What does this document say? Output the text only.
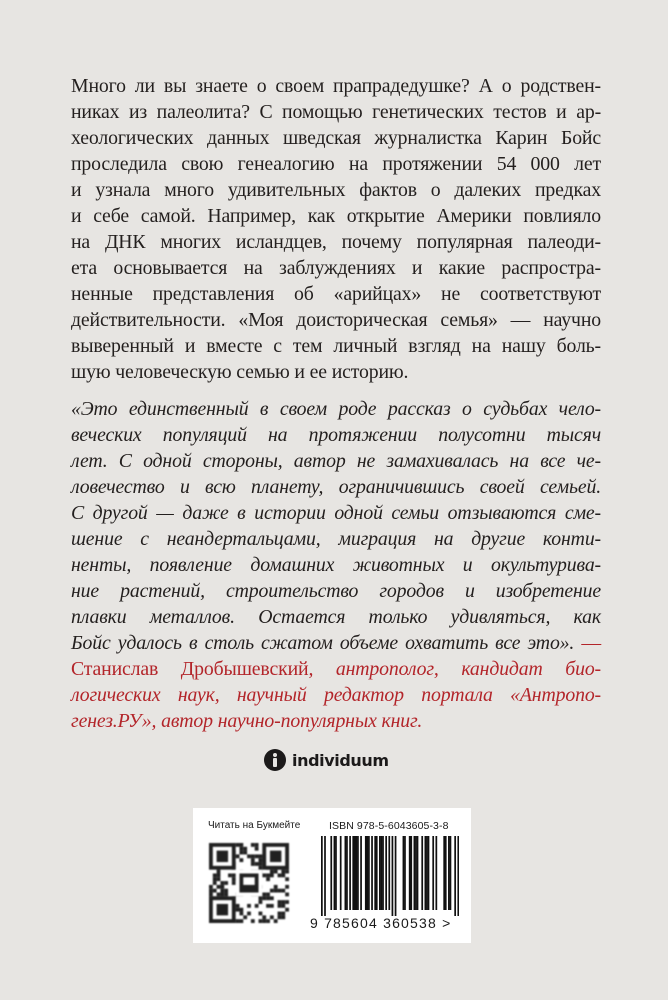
Много ли вы знаете о своем прапрадедушке? А о родствен-
никах из палеолита? С помощью генетических тестов и ар-
хеологических данных шведская журналистка Карин Бойс
проследила свою генеалогию на протяжении 54 000 лет
и узнала много удивительных фактов о далеких предках
и себе самой. Например, как открытие Америки повлияло
на ДНК многих исландцев, почему популярная палеоди-
ета основывается на заблуждениях и какие распростра-
ненные представления об «арийцах» не соответствуют
действительности. «Моя доисторическая семья» — научно
выверенный и вместе с тем личный взгляд на нашу боль-
шую человеческую семью и ее историю.
«Это единственный в своем роде рассказ о судьбах чело-
веческих популяций на протяжении полусотни тысяч
лет. С одной стороны, автор не замахивалась на все че-
ловечество и всю планету, ограничившись своей семьей.
С другой — даже в истории одной семьи отзываются сме-
шение с неандертальцами, миграция на другие конти-
ненты, появление домашних животных и окультурива-
ние растений, строительство городов и изобретение
плавки металлов. Остается только удивляться, как
Бойс удалось в столь сжатом объеме охватить все это». —
Станислав Дробышевский, антрополог, кандидат био-
логических наук, научный редактор портала «Антропо-
генез.РУ», автор научно-популярных книг.
individuum
Читать на Букмейте	ISBN 978-5-6043605-3-8
9 785604 360538 >
